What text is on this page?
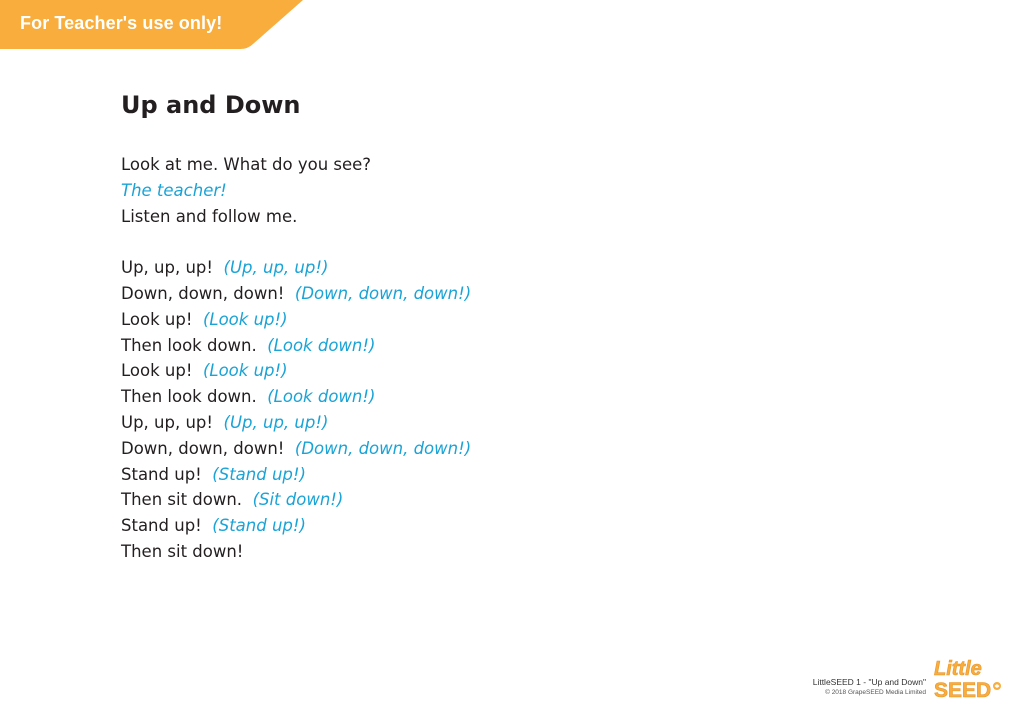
For Teacher's use only!
Up and Down
Look at me. What do you see?
The teacher!
Listen and follow me.
Up, up, up! (Up, up, up!)
Down, down, down! (Down, down, down!)
Look up! (Look up!)
Then look down. (Look down!)
Look up! (Look up!)
Then look down. (Look down!)
Up, up, up! (Up, up, up!)
Down, down, down! (Down, down, down!)
Stand up! (Stand up!)
Then sit down. (Sit down!)
Stand up! (Stand up!)
Then sit down!
LittleSEED 1 - "Up and Down"
© 2018 GrapeSEED Media Limited
Little
SEED
